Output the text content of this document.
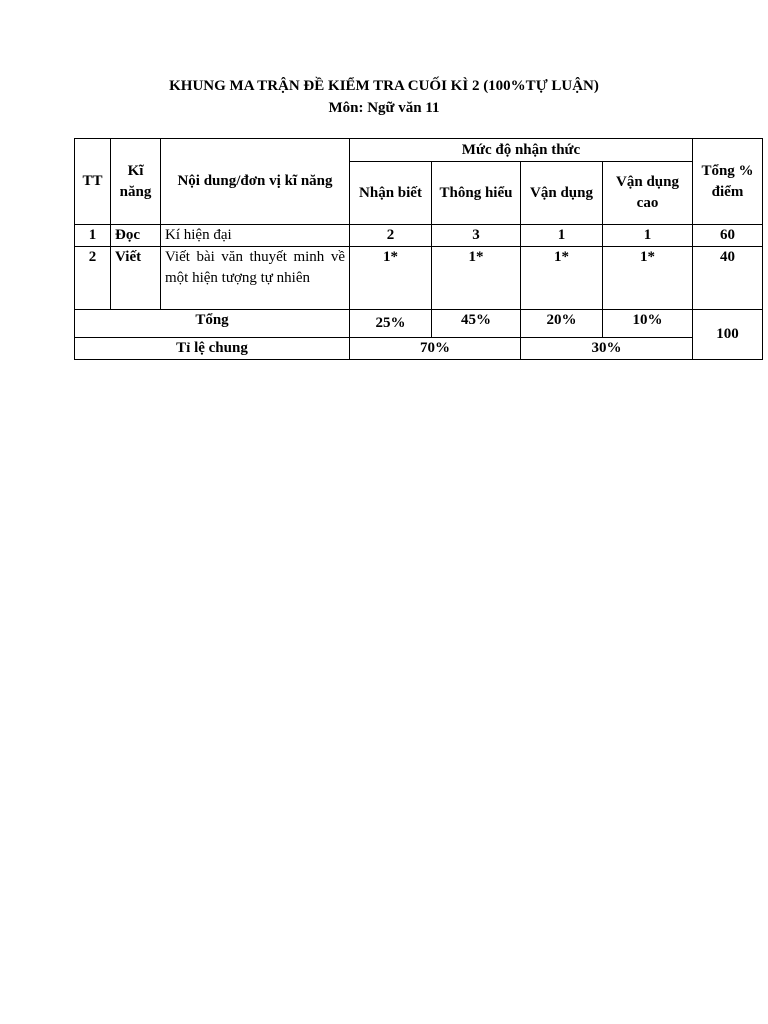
KHUNG MA TRẬN ĐỀ KIỂM TRA CUỐI KÌ 2 (100%TỰ LUẬN)
Môn: Ngữ văn 11
TT	Kĩ năng	Nội dung/đơn vị kĩ năng	Mức độ nhận thức				Tổng % điểm
			Nhận biết	Thông hiểu	Vận dụng	Vận dụng cao	
1	Đọc	Kí hiện đại	2	3	1	1	60
2	Viết	Viết bài văn thuyết minh về một hiện tượng tự nhiên	1*	1*	1*	1*	40
Tổng			25%	45%	20%	10%	100
Tỉ lệ chung			70%		30%		
